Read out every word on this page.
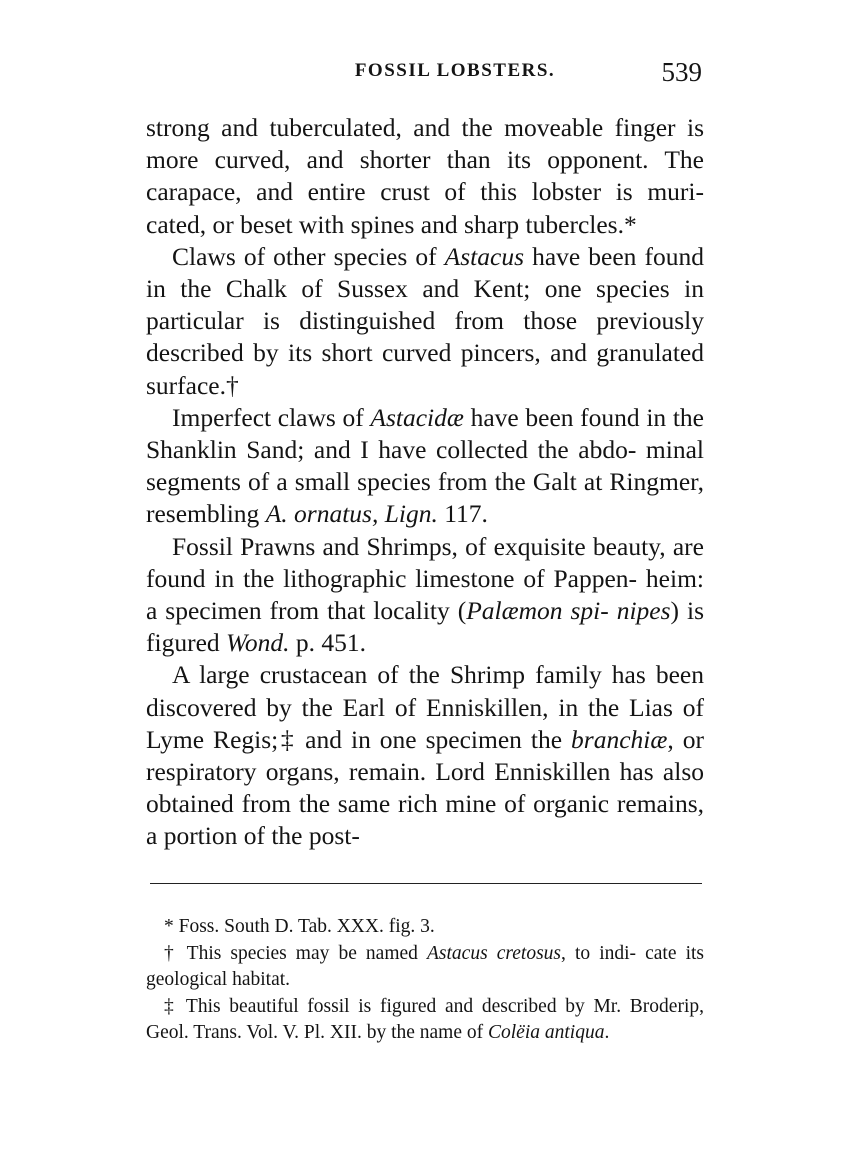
FOSSIL LOBSTERS.	539

strong and tuberculated, and the moveable finger is more curved, and shorter than its opponent. The carapace, and entire crust of this lobster is muri- cated, or beset with spines and sharp tubercles.*

Claws of other species of Astacus have been found in the Chalk of Sussex and Kent; one species in particular is distinguished from those previously described by its short curved pincers, and granulated surface.†

Imperfect claws of Astacidæ have been found in the Shanklin Sand; and I have collected the abdo- minal segments of a small species from the Galt at Ringmer, resembling A. ornatus, Lign. 117.

Fossil Prawns and Shrimps, of exquisite beauty, are found in the lithographic limestone of Pappen- heim: a specimen from that locality (Palæmon spi- nipes) is figured Wond. p. 451.

A large crustacean of the Shrimp family has been discovered by the Earl of Enniskillen, in the Lias of Lyme Regis;‡ and in one specimen the branchiæ, or respiratory organs, remain. Lord Enniskillen has also obtained from the same rich mine of organic remains, a portion of the post-

* Foss. South D. Tab. XXX. fig. 3.

† This species may be named Astacus cretosus, to indi- cate its geological habitat.

‡ This beautiful fossil is figured and described by Mr. Broderip, Geol. Trans. Vol. V. Pl. XII. by the name of Colëia antiqua.
